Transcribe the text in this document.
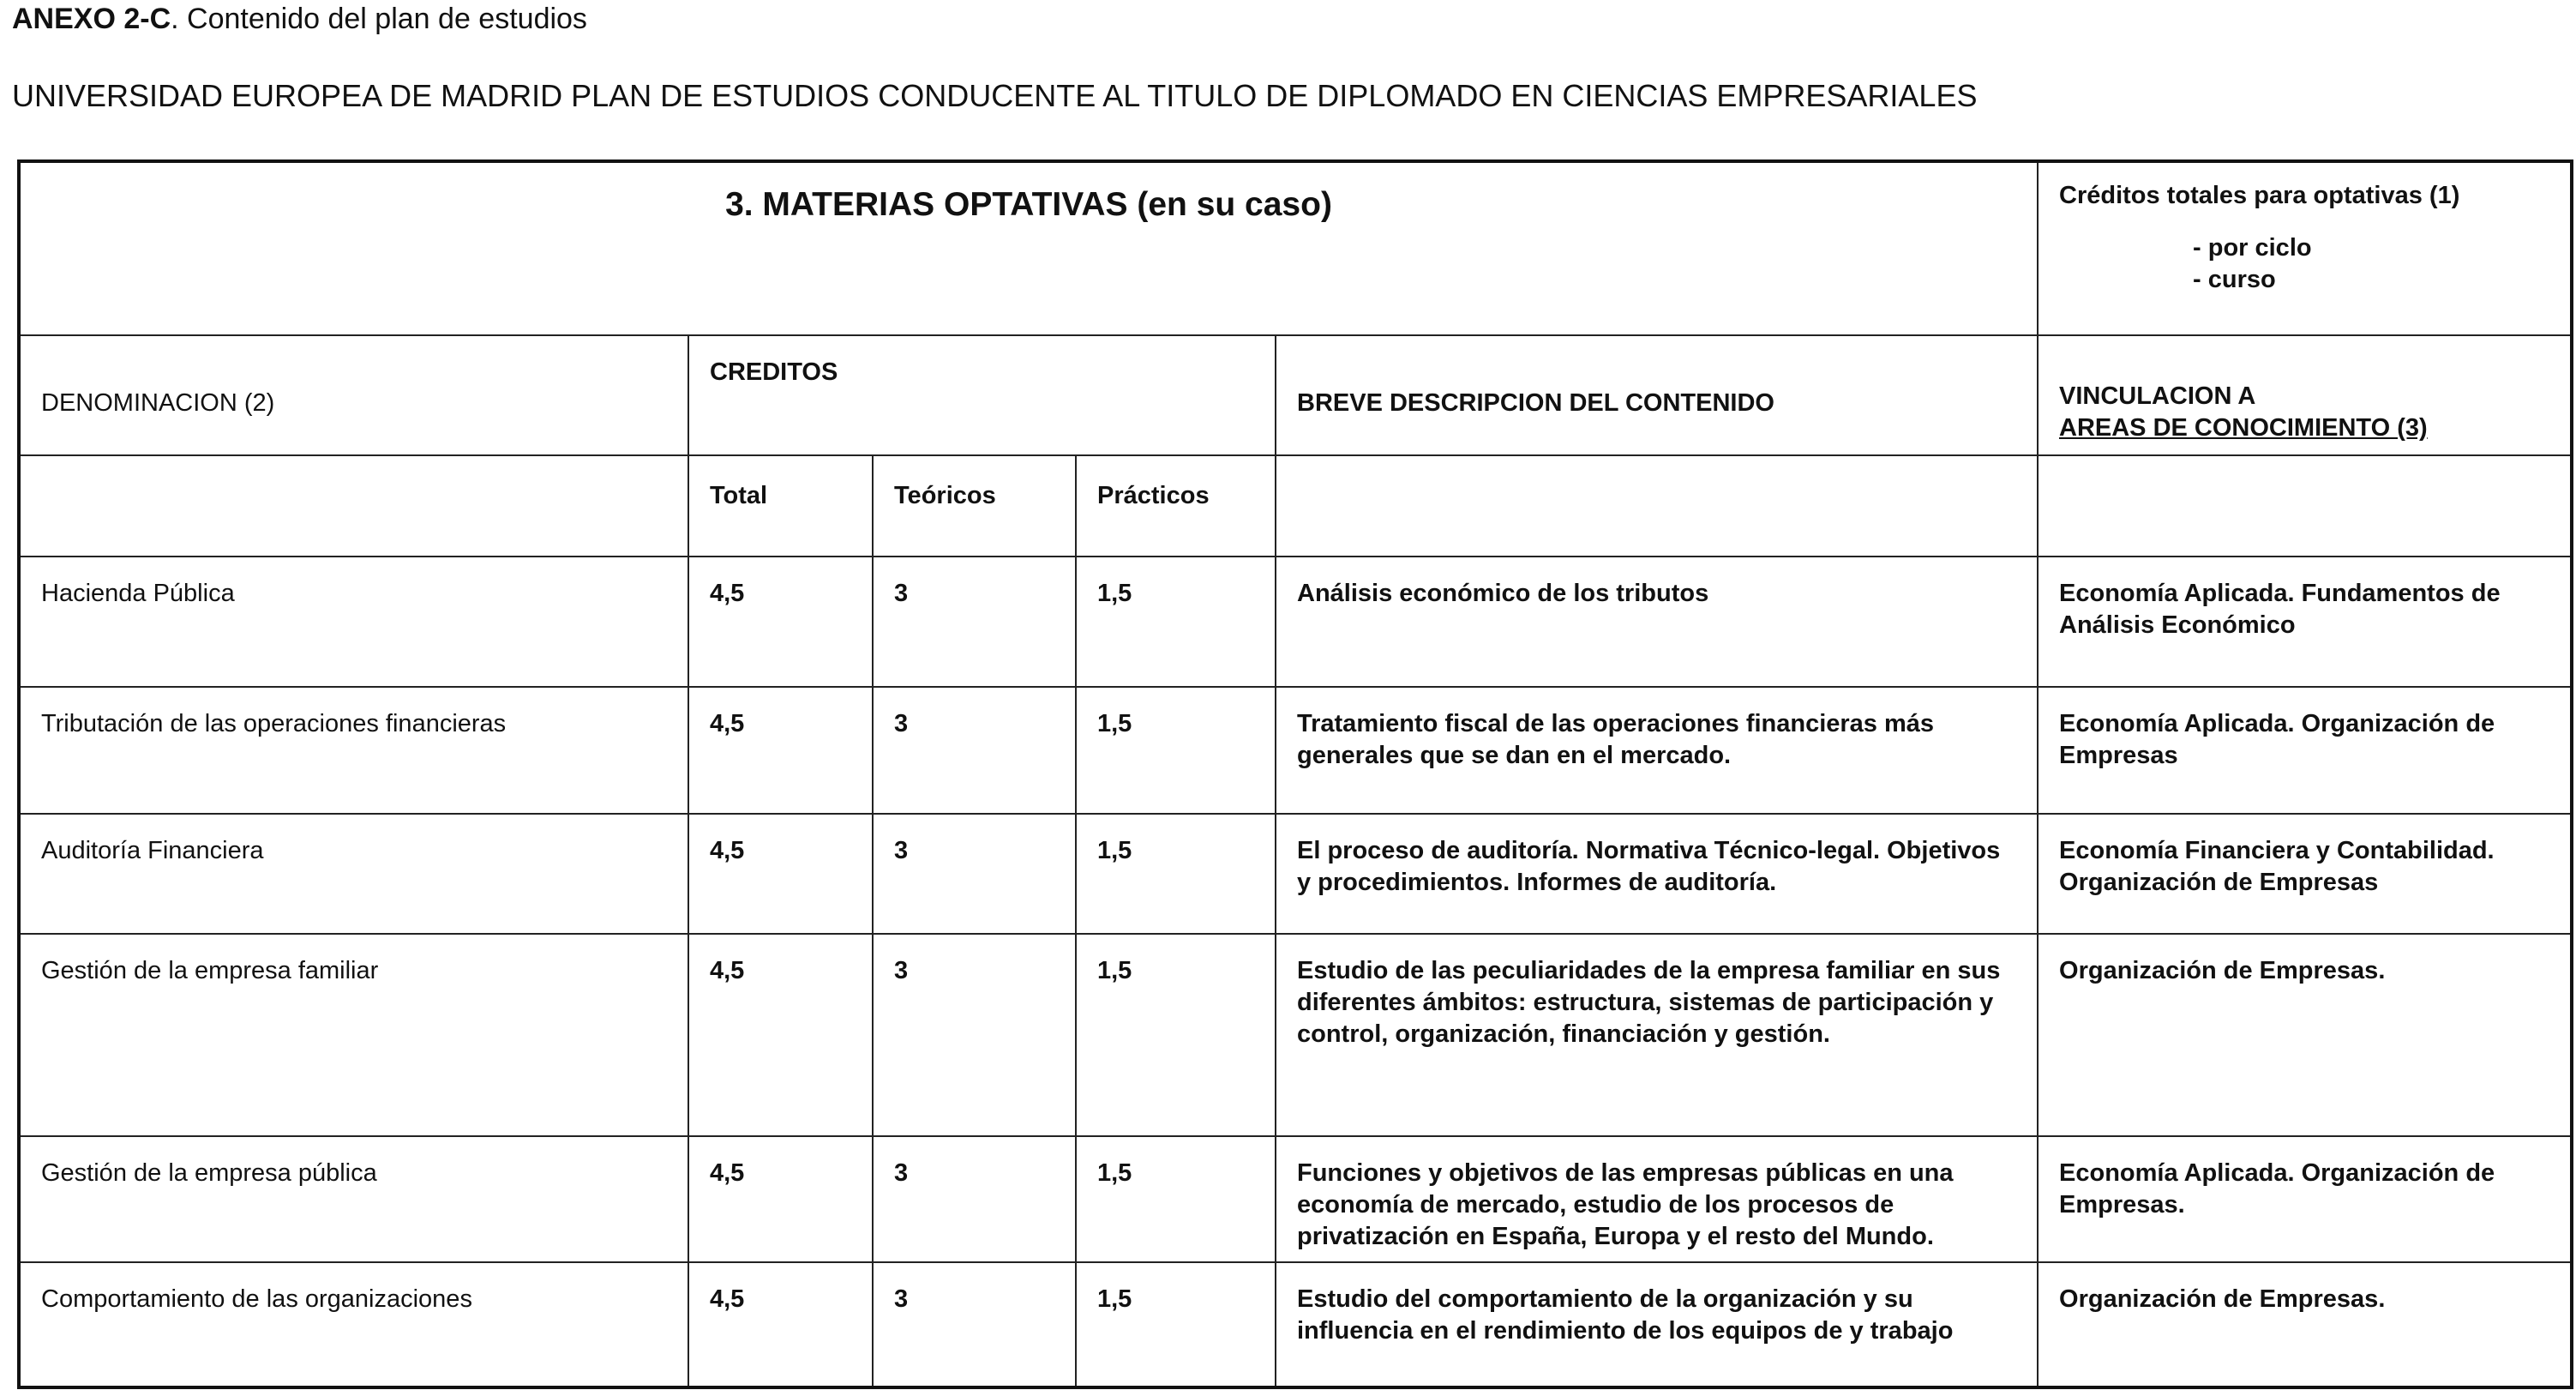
ANEXO 2-C. Contenido del plan de estudios
UNIVERSIDAD EUROPEA DE MADRID PLAN DE ESTUDIOS CONDUCENTE AL TITULO DE DIPLOMADO EN CIENCIAS EMPRESARIALES
3. MATERIAS OPTATIVAS (en su caso)					Créditos totales para optativas (1)
- por ciclo
- curso

DENOMINACION (2)	CREDITOS			BREVE DESCRIPCION DEL CONTENIDO	VINCULACION A
AREAS DE CONOCIMIENTO (3)

	Total	Teóricos	Prácticos		

Hacienda Pública	4,5	3	1,5	Análisis económico de los tributos	Economía Aplicada. Fundamentos de Análisis Económico

Tributación de las operaciones financieras	4,5	3	1,5	Tratamiento fiscal de las operaciones financieras más generales que se dan en el mercado.	Economía Aplicada. Organización de Empresas

Auditoría Financiera	4,5	3	1,5	El proceso de auditoría. Normativa Técnico-legal. Objetivos y procedimientos. Informes de auditoría.	Economía Financiera y Contabilidad. Organización de Empresas

Gestión de la empresa familiar	4,5	3	1,5	Estudio de las peculiaridades de la empresa familiar en sus diferentes ámbitos: estructura, sistemas de participación y control, organización, financiación y gestión.	Organización de Empresas.

Gestión de la empresa pública	4,5	3	1,5	Funciones y objetivos de las empresas públicas en una economía de mercado, estudio de los procesos de privatización en España, Europa y el resto del Mundo.	Economía Aplicada. Organización de Empresas.

Comportamiento de las organizaciones	4,5	3	1,5	Estudio del comportamiento de la organización y su influencia en el rendimiento de los equipos de y trabajo	Organización de Empresas.
